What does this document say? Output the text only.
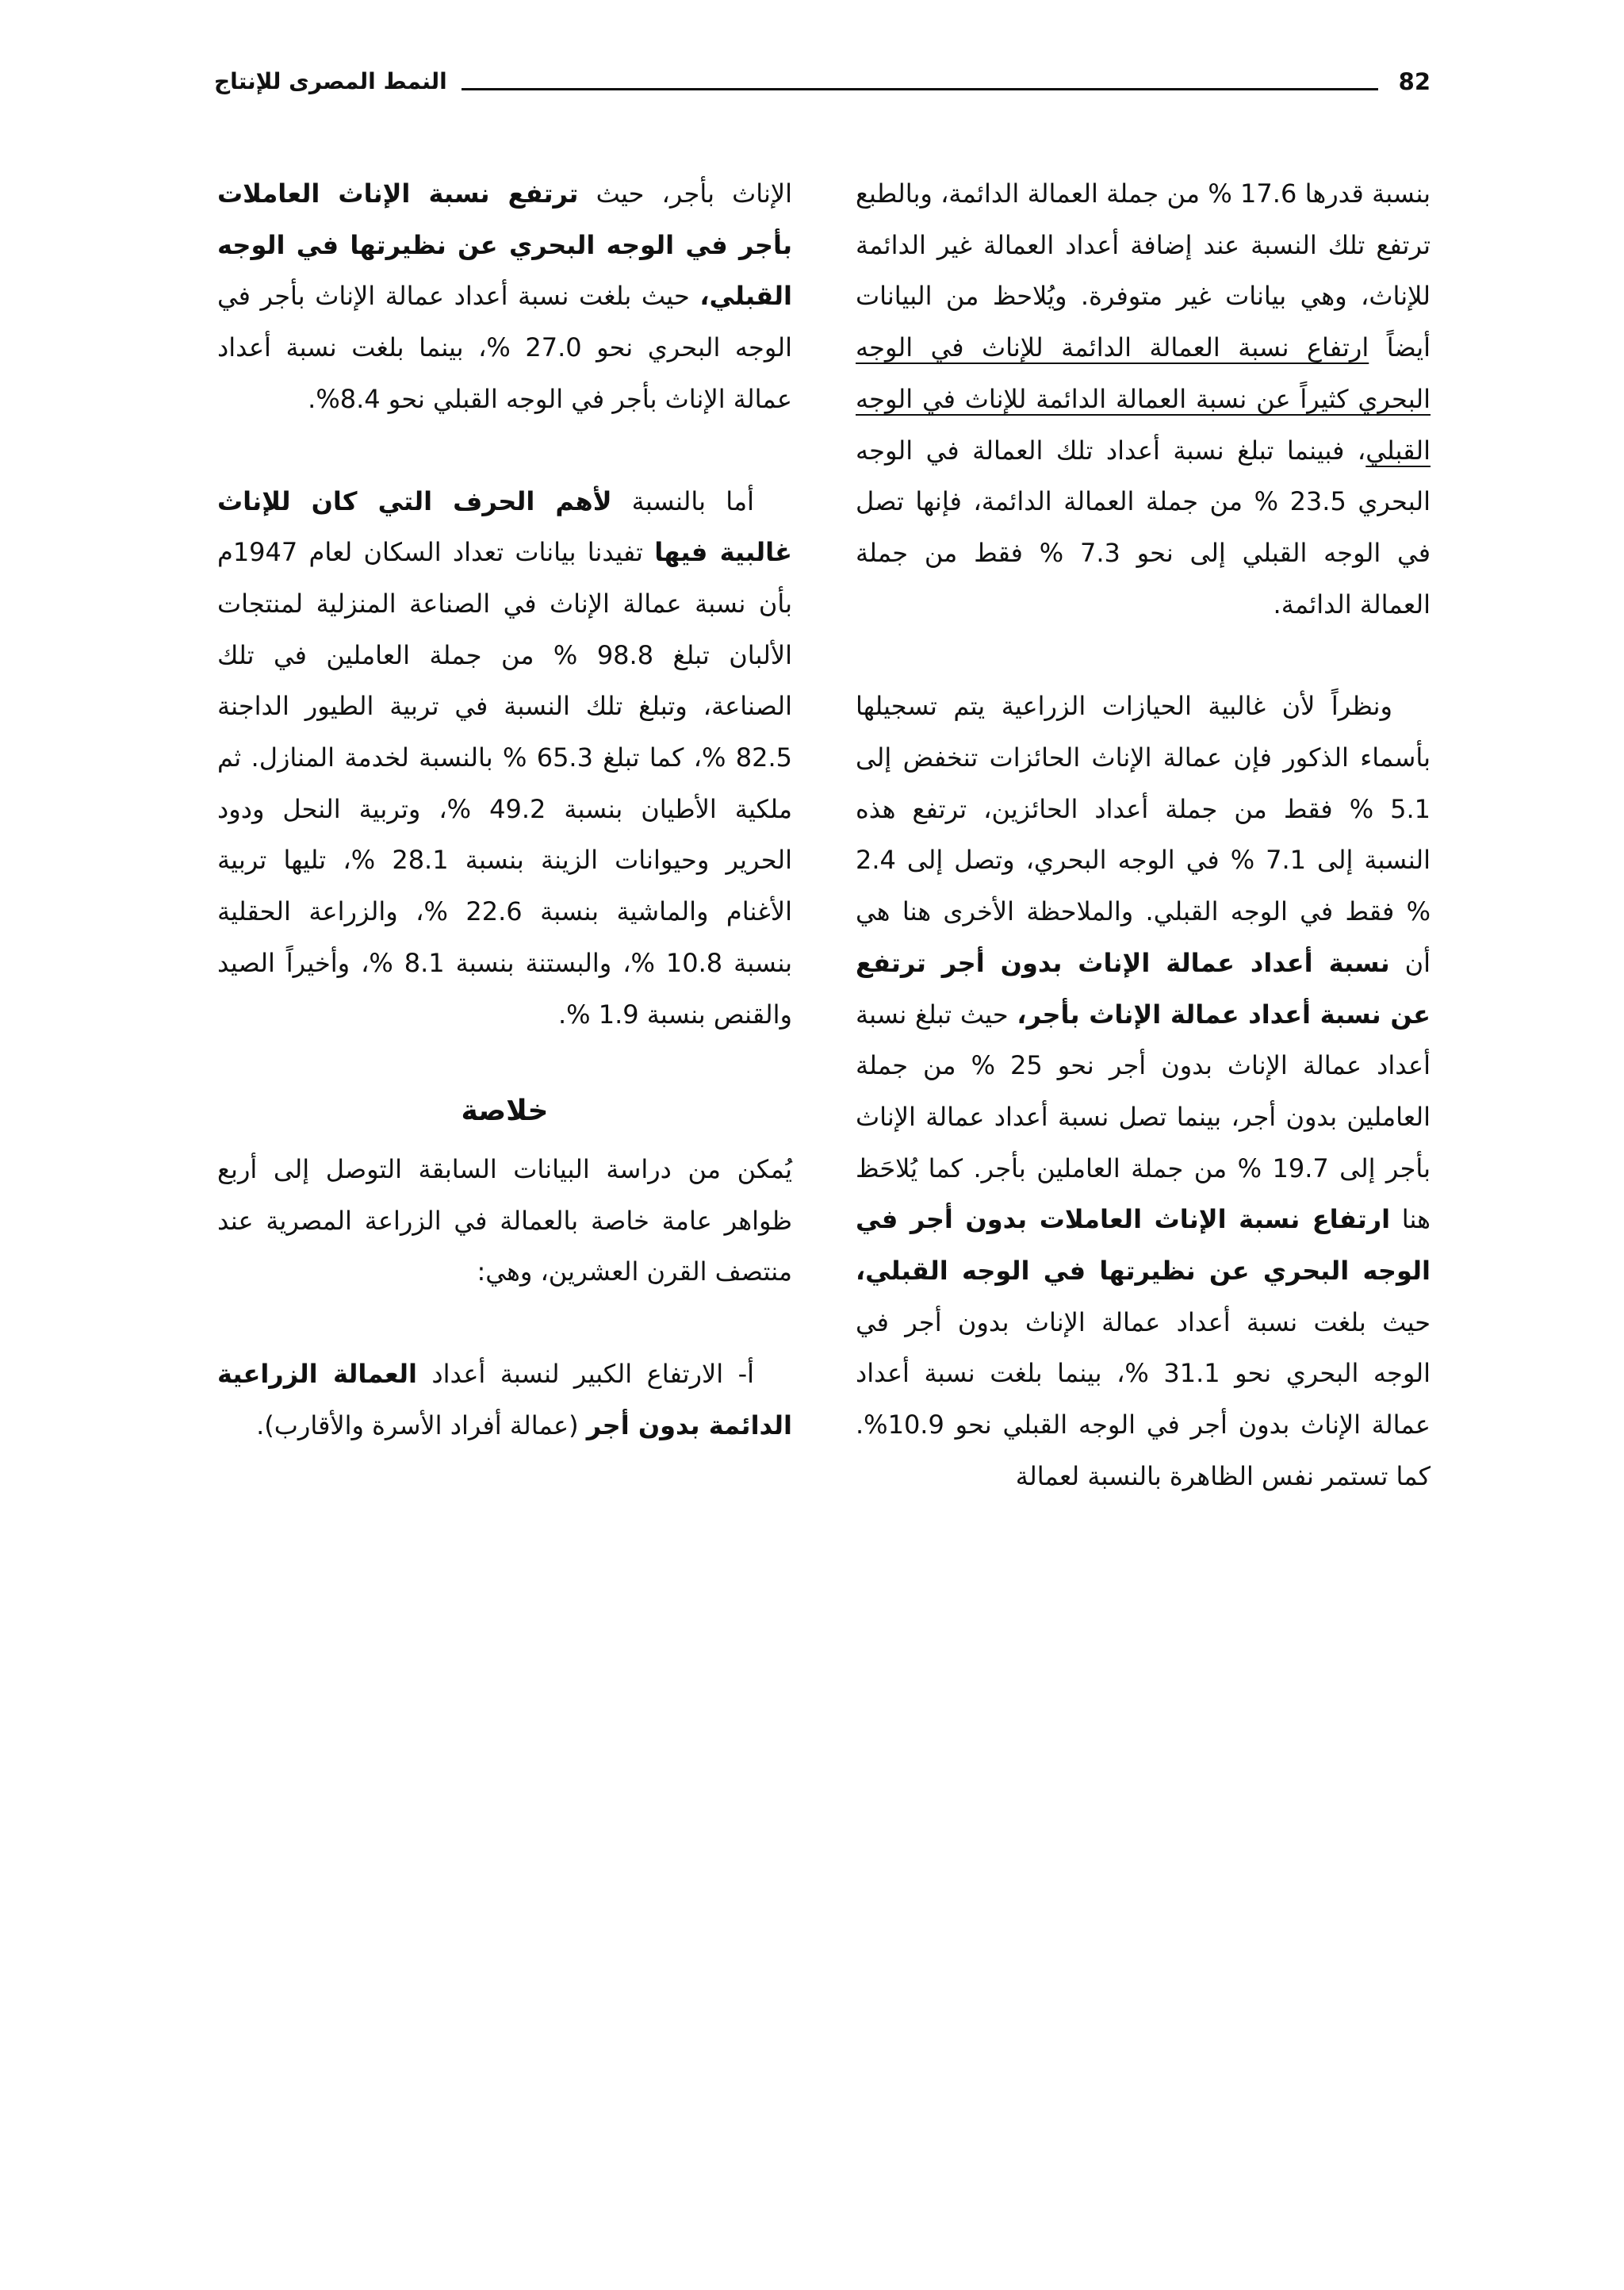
82
النمط المصرى للإنتاج

بنسبة قدرها 17.6 % من جملة العمالة الدائمة، وبالطبع ترتفع تلك النسبة عند إضافة أعداد العمالة غير الدائمة للإناث، وهي بيانات غير متوفرة. ويُلاحظ من البيانات أيضاً ارتفاع نسبة العمالة الدائمة للإناث في الوجه البحري كثيراً عن نسبة العمالة الدائمة للإناث في الوجه القبلي، فبينما تبلغ نسبة أعداد تلك العمالة في الوجه البحري 23.5 % من جملة العمالة الدائمة، فإنها تصل في الوجه القبلي إلى نحو 7.3 % فقط من جملة العمالة الدائمة.

ونظراً لأن غالبية الحيازات الزراعية يتم تسجيلها بأسماء الذكور فإن عمالة الإناث الحائزات تنخفض إلى 5.1 % فقط من جملة أعداد الحائزين، ترتفع هذه النسبة إلى 7.1 % في الوجه البحري، وتصل إلى 2.4 % فقط في الوجه القبلي. والملاحظة الأخرى هنا هي أن نسبة أعداد عمالة الإناث بدون أجر ترتفع عن نسبة أعداد عمالة الإناث بأجر، حيث تبلغ نسبة أعداد عمالة الإناث بدون أجر نحو 25 % من جملة العاملين بدون أجر، بينما تصل نسبة أعداد عمالة الإناث بأجر إلى 19.7 % من جملة العاملين بأجر. كما يُلاحَظ هنا ارتفاع نسبة الإناث العاملات بدون أجر في الوجه البحري عن نظيرتها في الوجه القبلي، حيث بلغت نسبة أعداد عمالة الإناث بدون أجر في الوجه البحري نحو 31.1 %، بينما بلغت نسبة أعداد عمالة الإناث بدون أجر في الوجه القبلي نحو 10.9%. كما تستمر نفس الظاهرة بالنسبة لعمالة

الإناث بأجر، حيث ترتفع نسبة الإناث العاملات بأجر في الوجه البحري عن نظيرتها في الوجه القبلي، حيث بلغت نسبة أعداد عمالة الإناث بأجر في الوجه البحري نحو 27.0 %، بينما بلغت نسبة أعداد عمالة الإناث بأجر في الوجه القبلي نحو 8.4%.

أما بالنسبة لأهم الحرف التي كان للإناث غالبية فيها تفيدنا بيانات تعداد السكان لعام 1947م بأن نسبة عمالة الإناث في الصناعة المنزلية لمنتجات الألبان تبلغ 98.8 % من جملة العاملين في تلك الصناعة، وتبلغ تلك النسبة في تربية الطيور الداجنة 82.5 %، كما تبلغ 65.3 % بالنسبة لخدمة المنازل. ثم ملكية الأطيان بنسبة 49.2 %، وتربية النحل ودود الحرير وحيوانات الزينة بنسبة 28.1 %، تليها تربية الأغنام والماشية بنسبة 22.6 %، والزراعة الحقلية بنسبة 10.8 %، والبستنة بنسبة 8.1 %، وأخيراً الصيد والقنص بنسبة 1.9 %.

خلاصة

يُمكن من دراسة البيانات السابقة التوصل إلى أربع ظواهر عامة خاصة بالعمالة في الزراعة المصرية عند منتصف القرن العشرين، وهي:

أ- الارتفاع الكبير لنسبة أعداد العمالة الزراعية الدائمة بدون أجر (عمالة أفراد الأسرة والأقارب).
